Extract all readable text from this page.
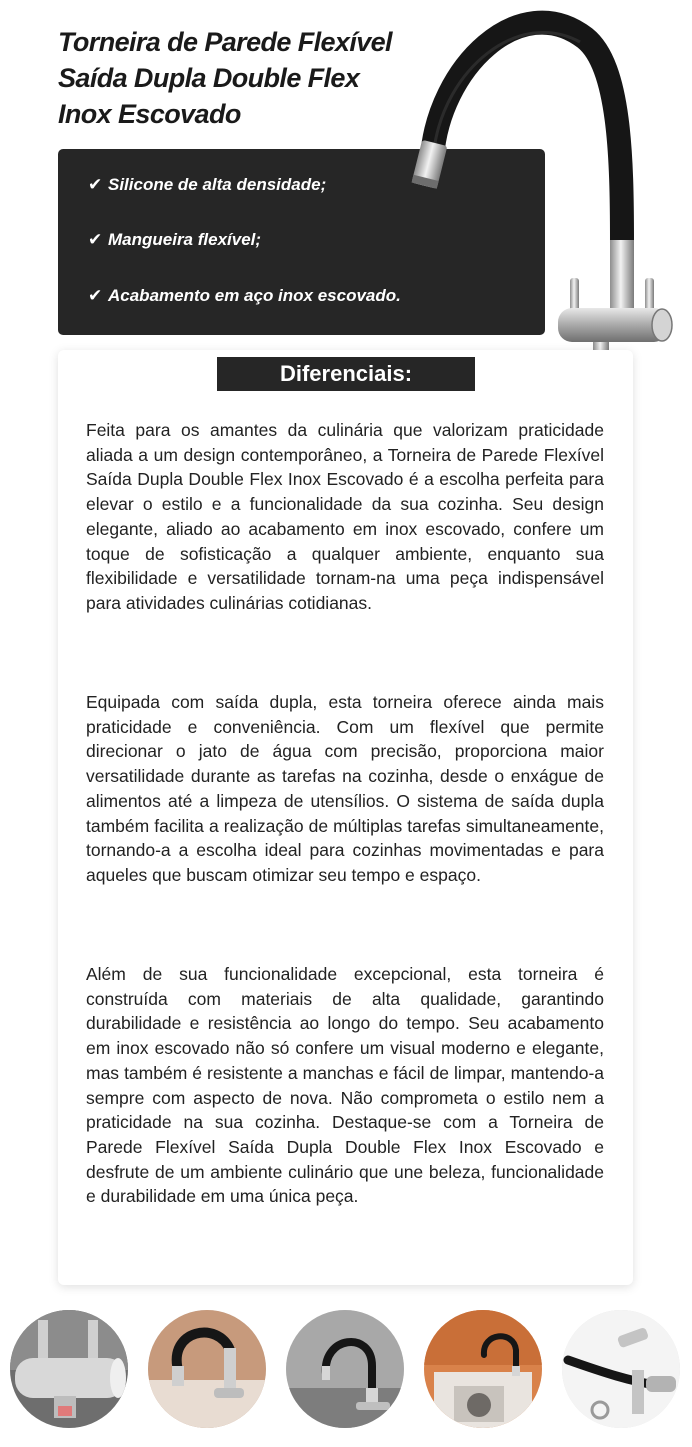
Torneira de Parede Flexível
Saída Dupla Double Flex
Inox Escovado
✔ Silicone de alta densidade;
✔ Mangueira flexível;
✔ Acabamento em aço inox escovado.
Diferenciais:

Feita para os amantes da culinária que valorizam praticidade aliada a um design contemporâneo, a Torneira de Parede Flexível Saída Dupla Double Flex Inox Escovado é a escolha perfeita para elevar o estilo e a funcionalidade da sua cozinha. Seu design elegante, aliado ao acabamento em inox escovado, confere um toque de sofisticação a qualquer ambiente, enquanto sua flexibilidade e versatilidade tornam-na uma peça indispensável para atividades culinárias cotidianas.

Equipada com saída dupla, esta torneira oferece ainda mais praticidade e conveniência. Com um flexível que permite direcionar o jato de água com precisão, proporciona maior versatilidade durante as tarefas na cozinha, desde o enxágue de alimentos até a limpeza de utensílios. O sistema de saída dupla também facilita a realização de múltiplas tarefas simultaneamente, tornando-a a escolha ideal para cozinhas movimentadas e para aqueles que buscam otimizar seu tempo e espaço.

Além de sua funcionalidade excepcional, esta torneira é construída com materiais de alta qualidade, garantindo durabilidade e resistência ao longo do tempo. Seu acabamento em inox escovado não só confere um visual moderno e elegante, mas também é resistente a manchas e fácil de limpar, mantendo-a sempre com aspecto de nova. Não comprometa o estilo nem a praticidade na sua cozinha. Destaque-se com a Torneira de Parede Flexível Saída Dupla Double Flex Inox Escovado e desfrute de um ambiente culinário que une beleza, funcionalidade e durabilidade em uma única peça.
